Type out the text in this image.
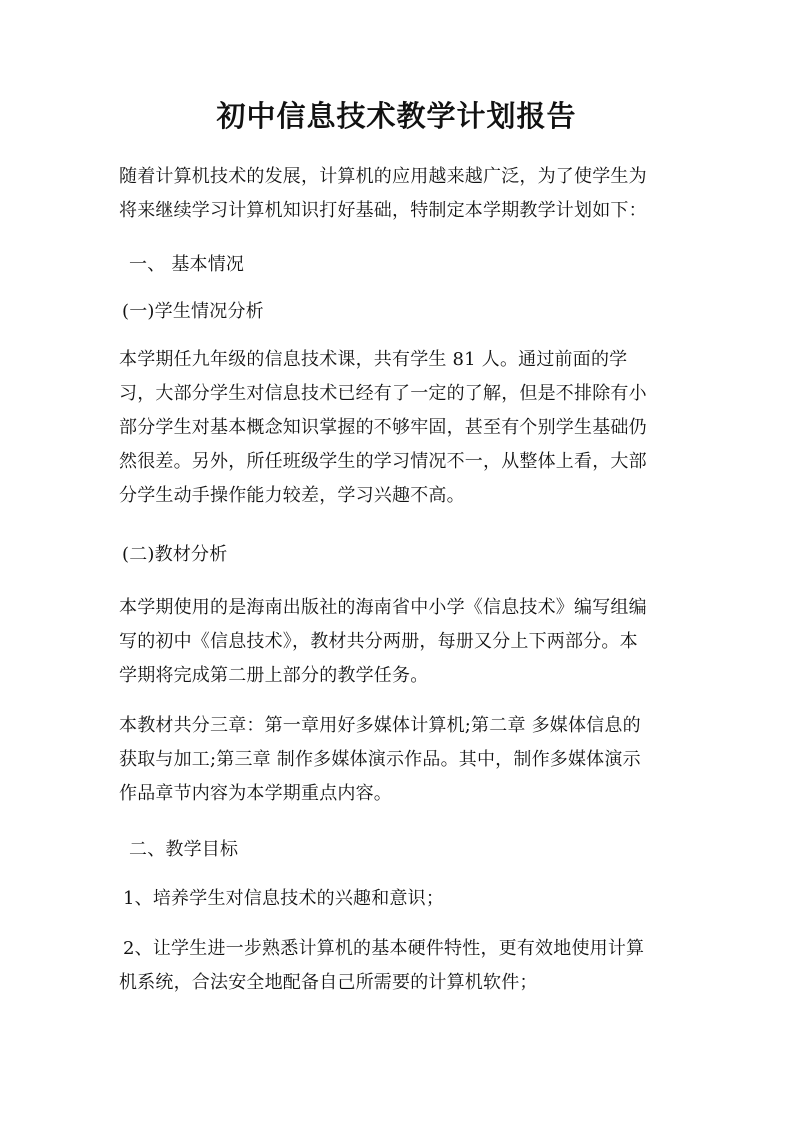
初中信息技术教学计划报告
随着计算机技术的发展，计算机的应用越来越广泛，为了使学生为
将来继续学习计算机知识打好基础，特制定本学期教学计划如下：
一、 基本情况
(一)学生情况分析
本学期任九年级的信息技术课，共有学生 81 人。通过前面的学
习，大部分学生对信息技术已经有了一定的了解，但是不排除有小
部分学生对基本概念知识掌握的不够牢固，甚至有个别学生基础仍
然很差。另外，所任班级学生的学习情况不一，从整体上看，大部
分学生动手操作能力较差，学习兴趣不高。
(二)教材分析
本学期使用的是海南出版社的海南省中小学《信息技术》编写组编
写的初中《信息技术》，教材共分两册，每册又分上下两部分。本
学期将完成第二册上部分的教学任务。
本教材共分三章：第一章用好多媒体计算机;第二章 多媒体信息的
获取与加工;第三章 制作多媒体演示作品。其中，制作多媒体演示
作品章节内容为本学期重点内容。
二、教学目标
1、培养学生对信息技术的兴趣和意识；
2、让学生进一步熟悉计算机的基本硬件特性，更有效地使用计算
机系统，合法安全地配备自己所需要的计算机软件；
